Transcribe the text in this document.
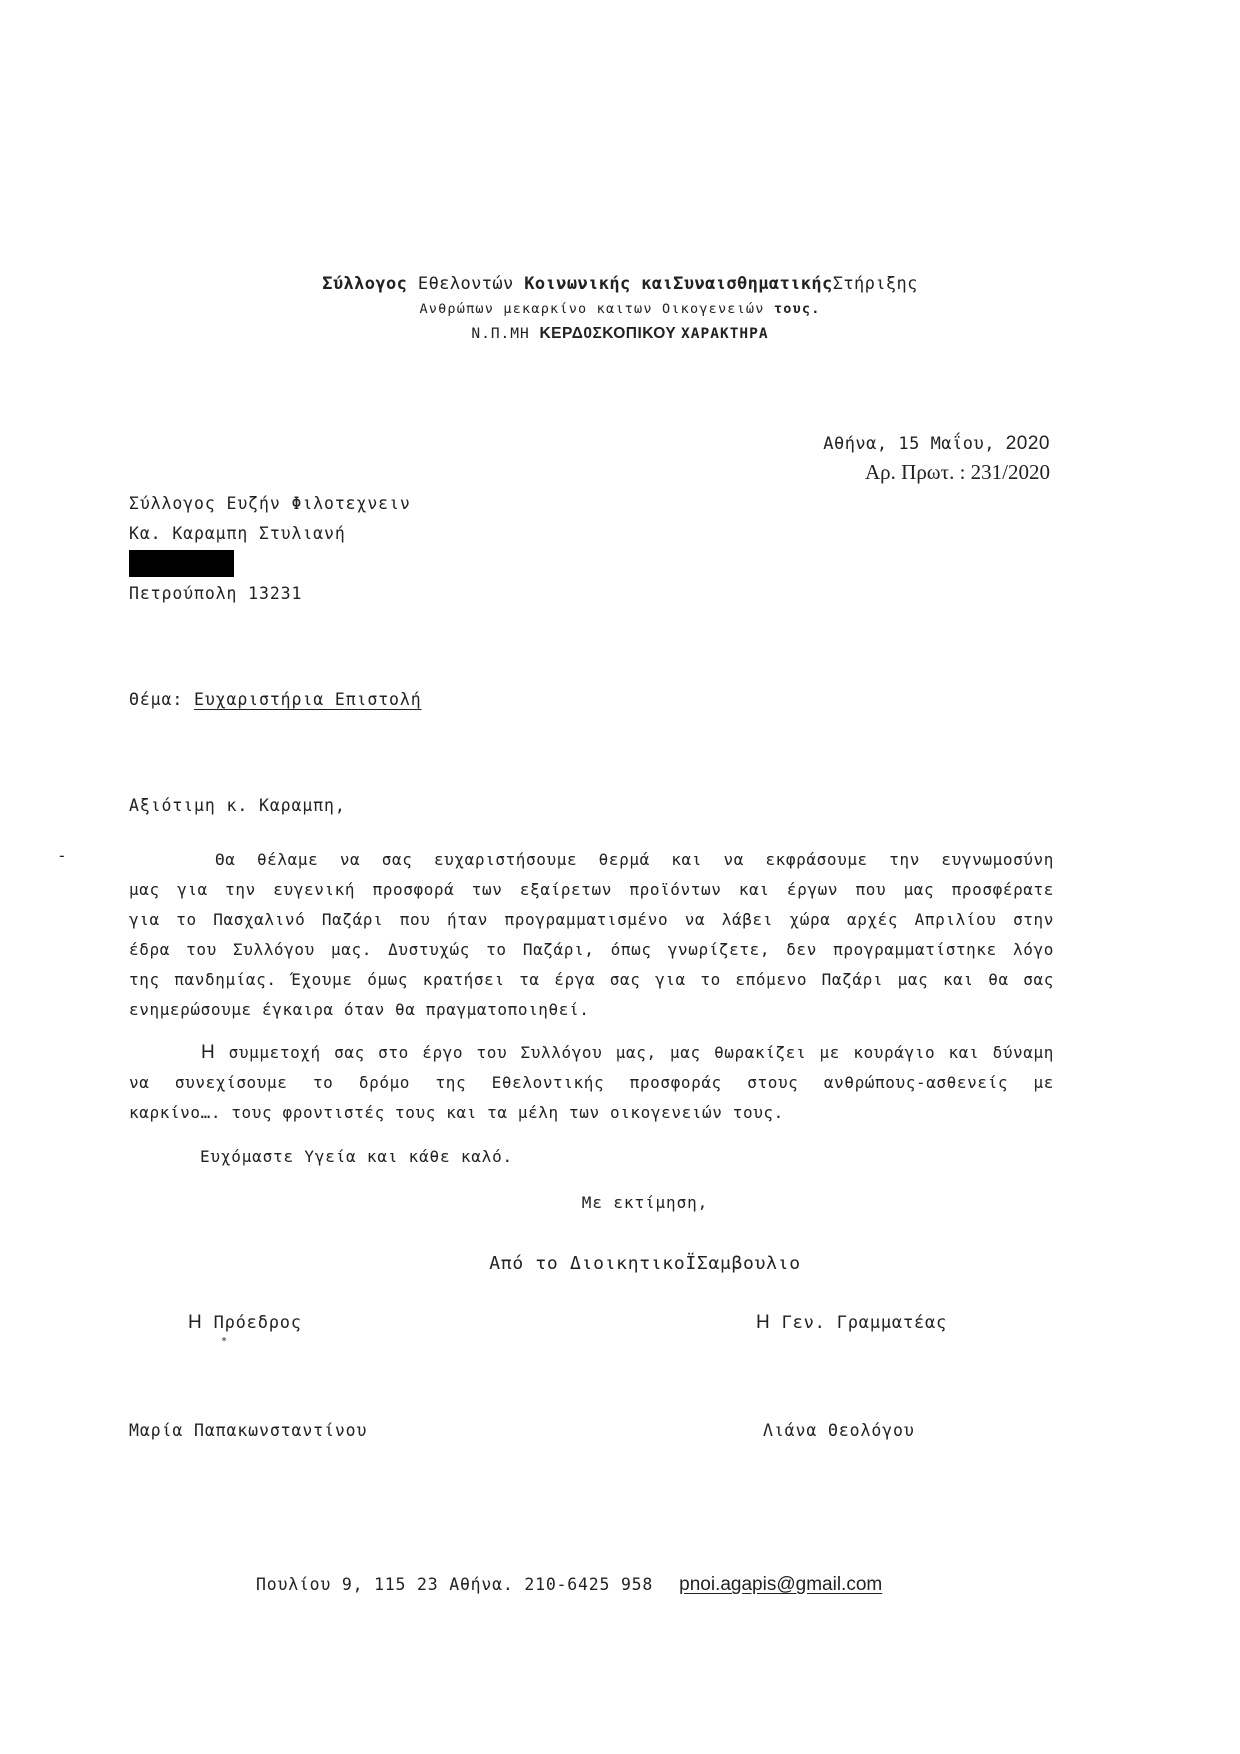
Σύλλογος Εθελοντών Κοινωνικής καιΣυναισθηματικήςΣτήριξης
Ανθρώπων μεκαρκίνο καιτων Οικογενειών τους.
Ν.Π.ΜΗ ΚΕΡΔ0ΣΚΟΠΙΚΟΥ ΧΑΡΑΚΤΗΡΑ
Αθήνα, 15 Μαΐου, 2020
Αρ. Πρωτ. : 231/2020
Σύλλογος Ευζήν Φιλοτεχνειν
Κα. Καραμπη Στυλιανή
Πετρούπολη 13231
Θέμα: Ευχαριστήρια Επιστολή
Αξιότιμη κ. Καραμπη,
-	Θα θέλαμε να σας ευχαριστήσουμε θερμά και να εκφράσουμε την ευγνωμοσύνη
μας για την ευγενική προσφορά των εξαίρετων προϊόντων και έργων που μας προσφέρατε
για το Πασχαλινό Παζάρι που ήταν προγραμματισμένο να λάβει χώρα αρχές Απριλίου στην
έδρα του Συλλόγου μας. Δυστυχώς το Παζάρι, όπως γνωρίζετε, δεν προγραμματίστηκε λόγο
της πανδημίας. Έχουμε όμως κρατήσει τα έργα σας για το επόμενο Παζάρι μας και θα σας
ενημερώσουμε έγκαιρα όταν θα πραγματοποιηθεί.
Η συμμετοχή σας στο έργο του Συλλόγου μας, μας θωρακίζει με κουράγιο και δύναμη
να συνεχίσουμε το δρόμο της Εθελοντικής προσφοράς στους ανθρώπους-ασθενείς με
καρκίνο…. τους φροντιστές τους και τα μέλη των οικογενειών τους.
Ευχόμαστε Υγεία και κάθε καλό.
Με εκτίμηση,
Από το ΔιοικητικοΪΣαμβουλιο
Η Πρόεδρος
*
Η Γεν. Γραμματέας
Μαρία Παπακωνσταντίνου	Λιάνα Θεολόγου
Πουλίου 9, 115 23 Αθήνα. 210-6425 958 pnoi.agapis@gmail.com
